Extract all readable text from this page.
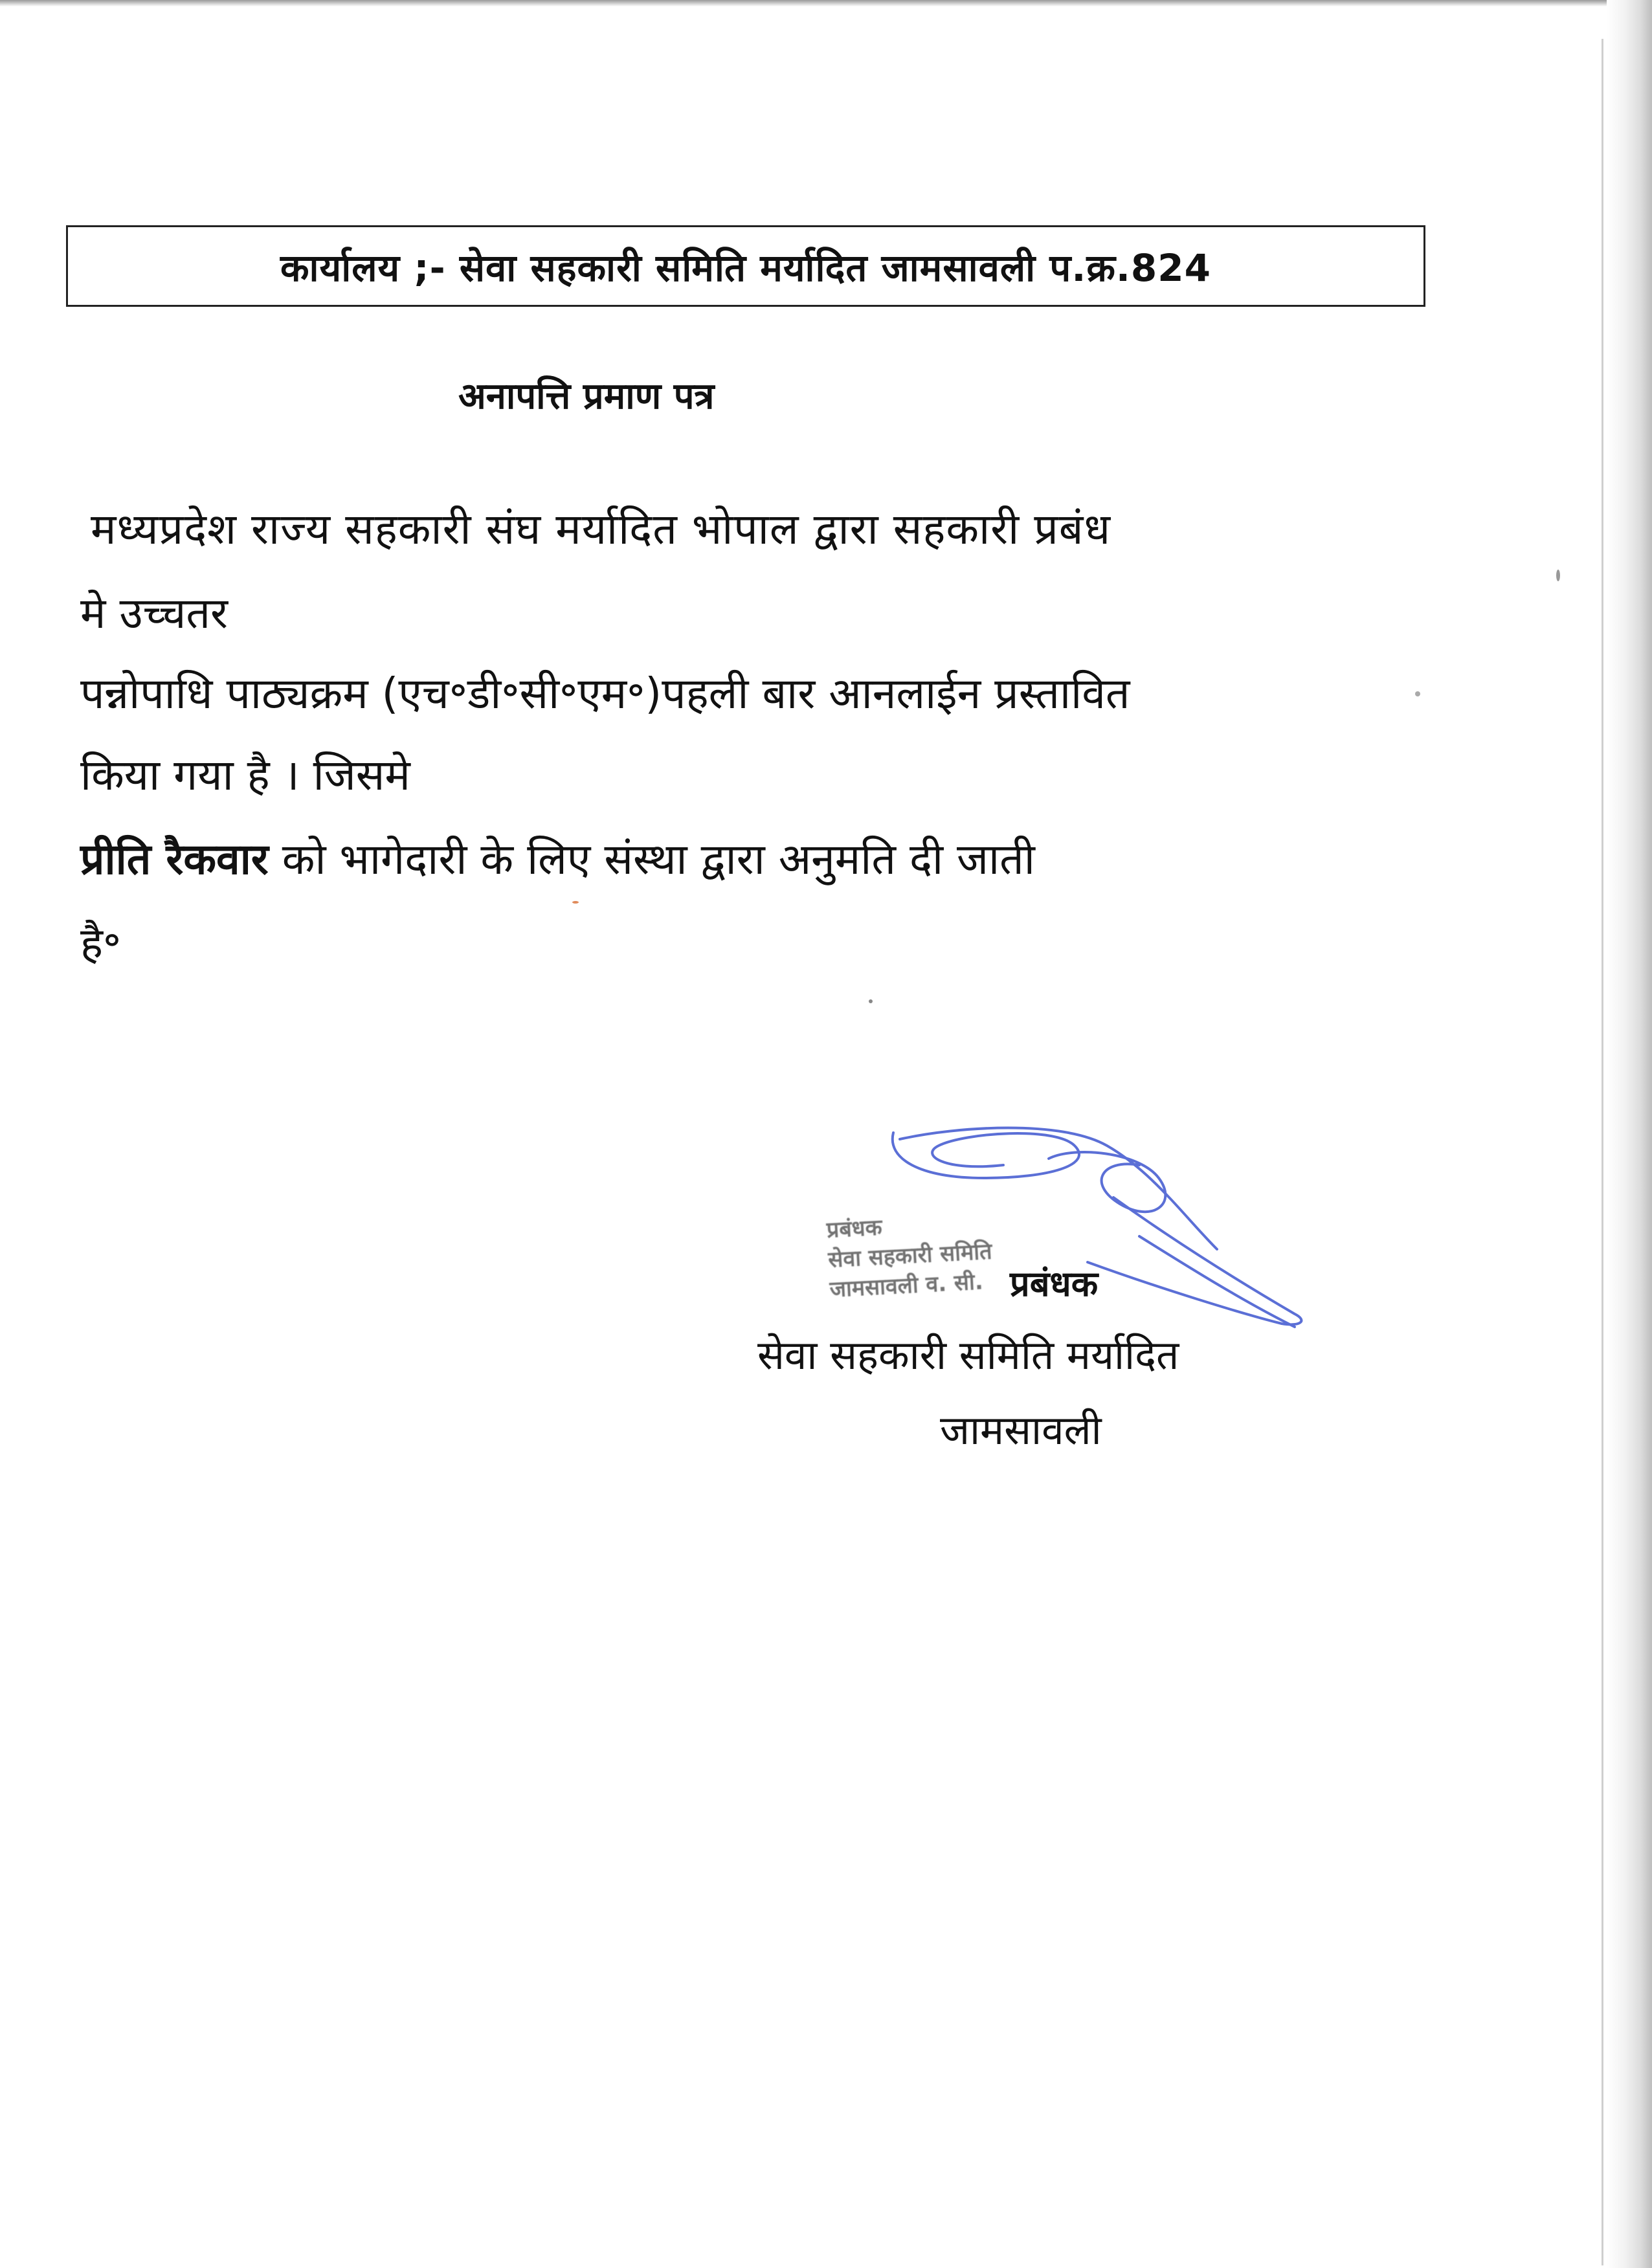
कार्यालय ;- सेवा सहकारी समिति मर्यादित जामसावली प.क्र.824
अनापत्ति प्रमाण पत्र
मध्यप्रदेश राज्य सहकारी संघ मर्यादित भोपाल द्वारा सहकारी प्रबंध
मे उच्चतर
पन्नोपाधि पाठ्यक्रम (एच॰डी॰सी॰एम॰)पहली बार आनलाईन प्रस्तावित
किया गया है । जिसमे
प्रीति रैकवार को भागेदारी के लिए संस्था द्वारा अनुमति दी जाती
है॰
प्रबंधक
सेवा सहकारी समिति
जामसावली व. सी. प्रबंधक
सेवा सहकारी समिति मर्यादित
जामसावली
